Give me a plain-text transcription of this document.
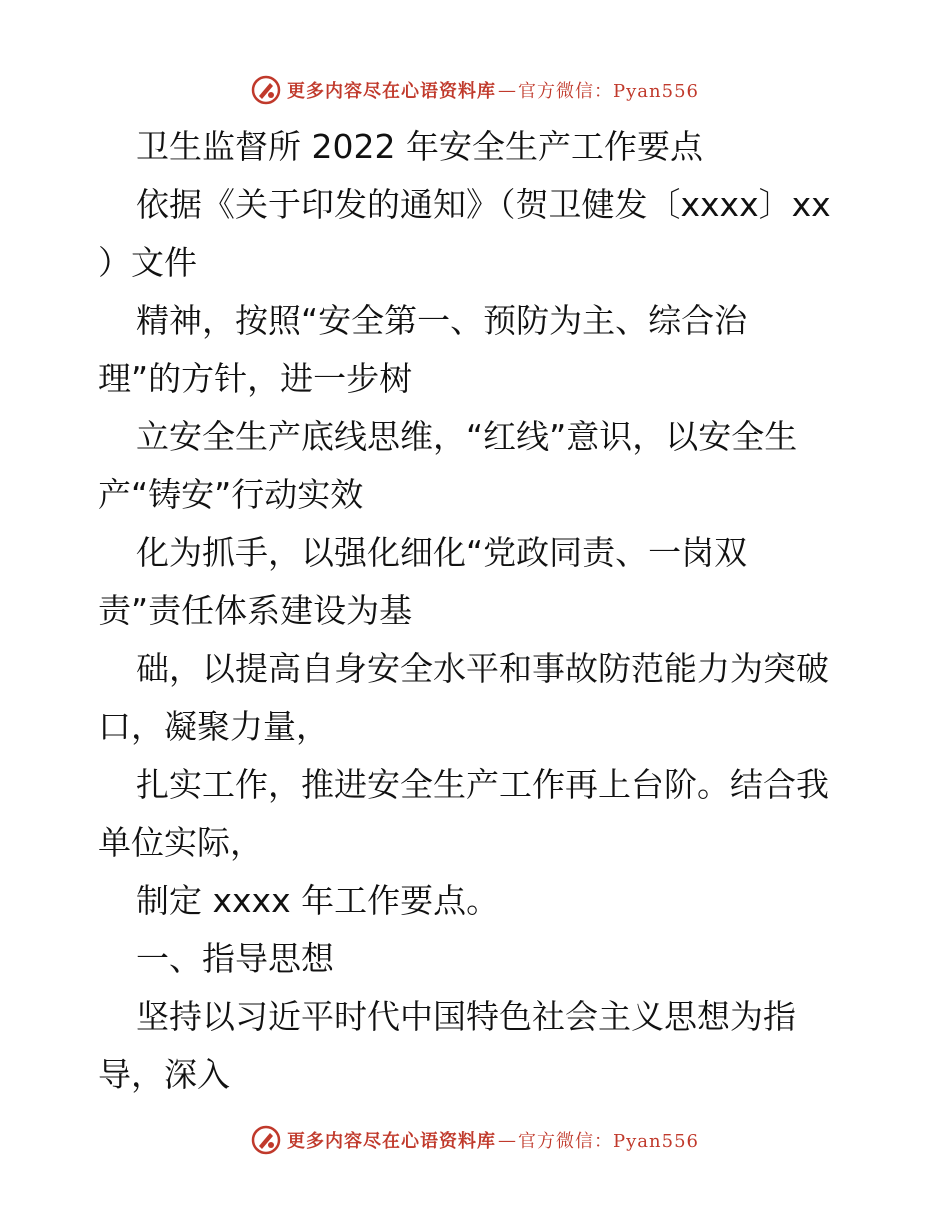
更多内容尽在心语资料库 — 官方微信：Pyan556
卫生监督所 2022 年安全生产工作要点
依据《关于印发的通知》（贺卫健发〔xxxx〕xx
）文件
精神，按照“安全第一、预防为主、综合治
理”的方针，进一步树
立安全生产底线思维，“红线”意识，以安全生
产“铸安”行动实效
化为抓手，以强化细化“党政同责、一岗双
责”责任体系建设为基
础，以提高自身安全水平和事故防范能力为突破
口，凝聚力量，
扎实工作，推进安全生产工作再上台阶。结合我
单位实际，
制定 xxxx 年工作要点。
一、指导思想
坚持以习近平时代中国特色社会主义思想为指
导，深入
更多内容尽在心语资料库 — 官方微信：Pyan556
